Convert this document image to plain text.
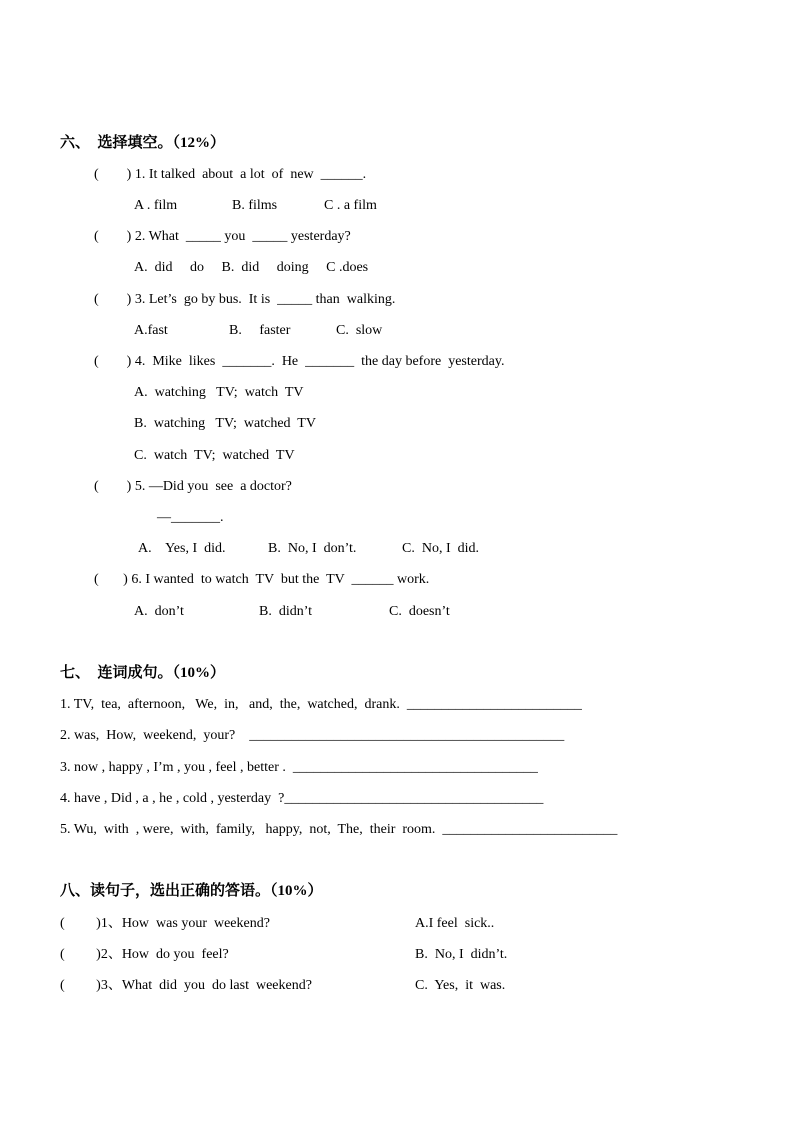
六、  选择填空。（12%）
(        ) 1. It talked  about  a lot  of  new  ______.
A . film	B. films	C . a film
(        ) 2. What  _____ you  _____ yesterday?
A.  did     do     B.  did     doing     C .does
(        ) 3. Let’s  go by bus.  It is  _____ than  walking.
A.fast	B.     faster	C.  slow
(        ) 4.  Mike  likes  _______.  He  _______  the day before  yesterday.
A.  watching   TV;  watch  TV
B.  watching   TV;  watched  TV
C.  watch  TV;  watched  TV
(        ) 5. —Did you  see  a doctor?
—_______.
A.    Yes, I  did.	B.  No, I  don’t.	C.  No, I  did.
(       ) 6. I wanted  to watch  TV  but the  TV  ______ work.
A.  don’t	B.  didn’t	C.  doesn’t
七、  连词成句。（10%）
1. TV,  tea,  afternoon,   We,  in,   and,  the,  watched,  drank.  _________________________
2. was,  How,  weekend,  your?    _____________________________________________
3. now , happy , I’m , you , feel , better .  ___________________________________
4. have , Did , a , he , cold , yesterday  ?_____________________________________
5. Wu,  with  , were,  with,  family,   happy,  not,  The,  their  room.  _________________________
八、读句子，选出正确的答语。（10%）
(         )1、How  was your  weekend?	A.I feel  sick..
(         )2、How  do you  feel?	B.  No, I  didn’t.
(         )3、What  did  you  do last  weekend?	C.  Yes,  it  was.
